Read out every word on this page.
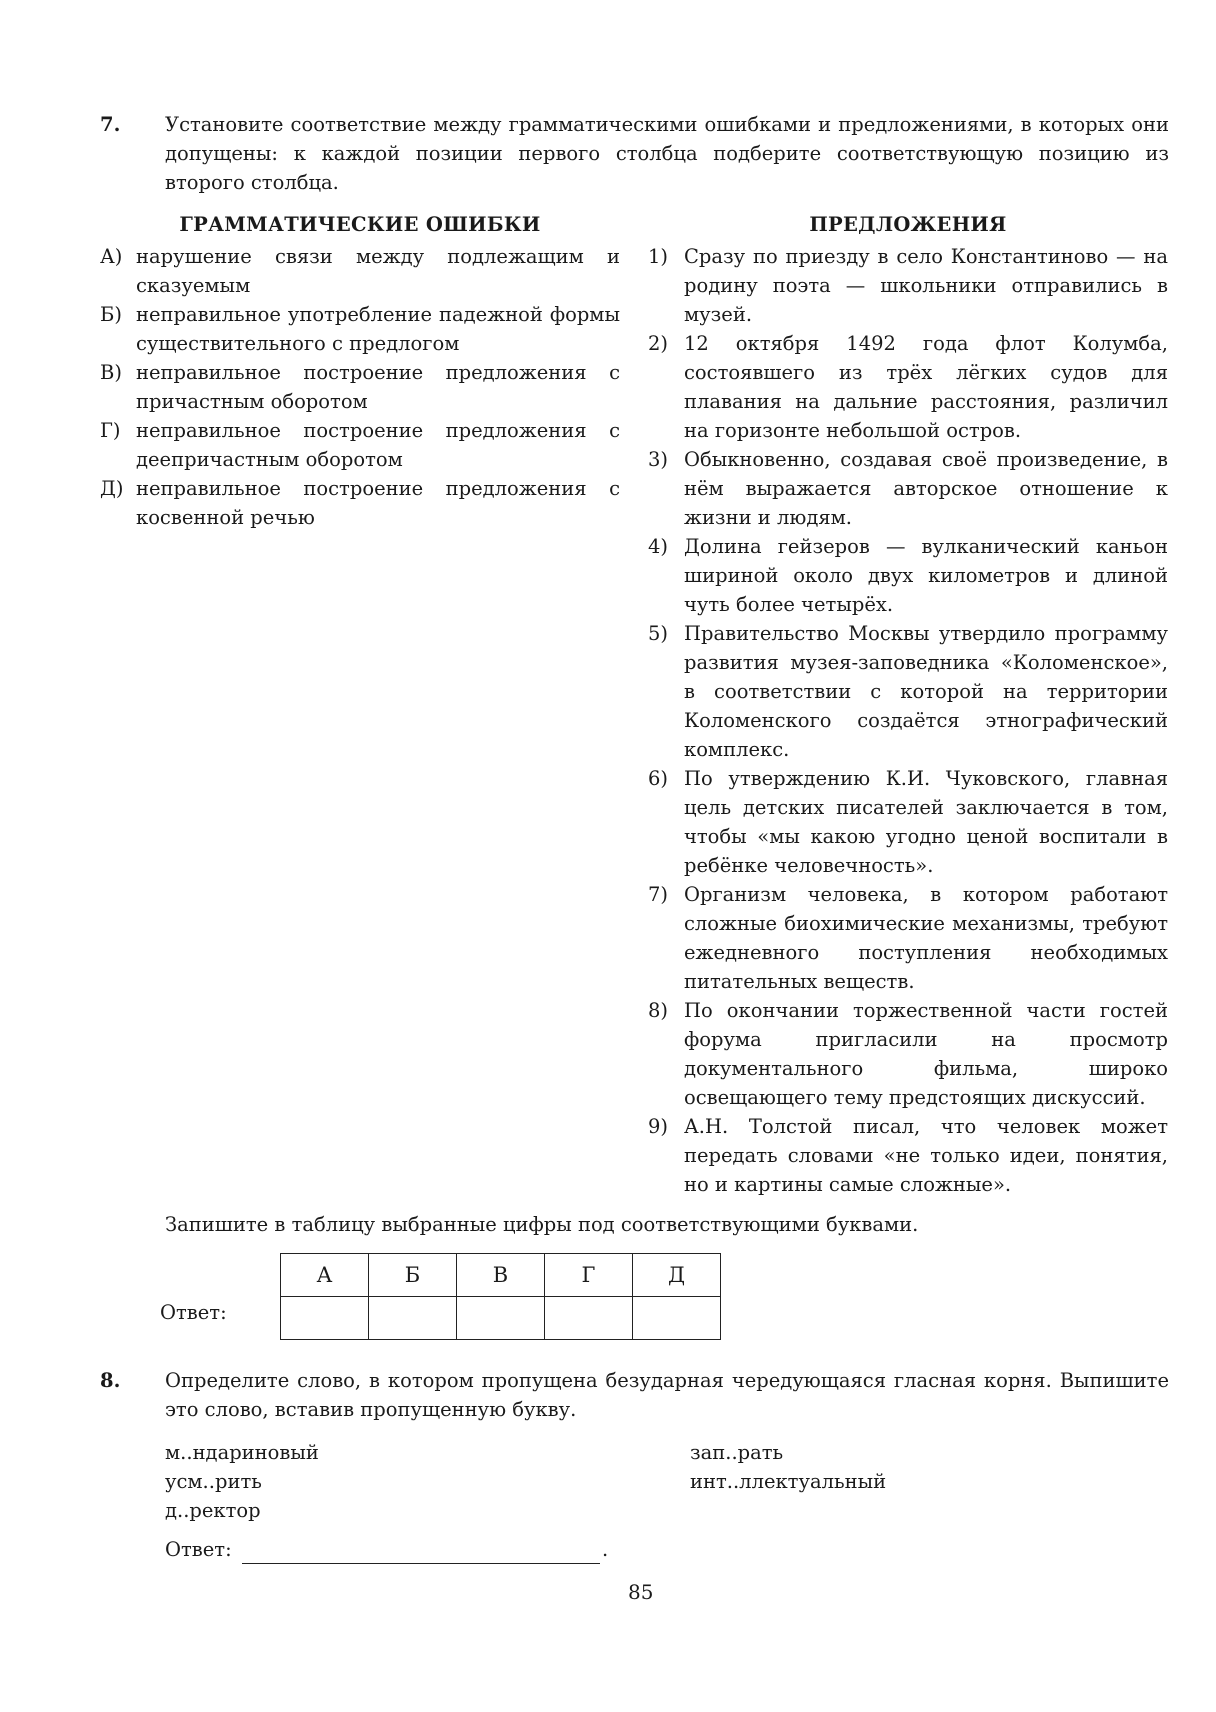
7. Установите соответствие между грамматическими ошибками и предложениями, в которых они допущены: к каждой позиции первого столбца подберите соответствующую позицию из второго столбца.
ГРАММАТИЧЕСКИЕ ОШИБКИ	ПРЕДЛОЖЕНИЯ
А) нарушение связи между подлежащим и сказуемым
Б) неправильное употребление падежной формы существительного с предлогом
В) неправильное построение предложения с причастным оборотом
Г) неправильное построение предложения с деепричастным оборотом
Д) неправильное построение предложения с косвенной речью
1) Сразу по приезду в село Константиново — на родину поэта — школьники отправились в музей.
2) 12 октября 1492 года флот Колумба, состоявшего из трёх лёгких судов для плавания на дальние расстояния, различил на горизонте небольшой остров.
3) Обыкновенно, создавая своё произведение, в нём выражается авторское отношение к жизни и людям.
4) Долина гейзеров — вулканический каньон шириной около двух километров и длиной чуть более четырёх.
5) Правительство Москвы утвердило программу развития музея-заповедника «Коломенское», в соответствии с которой на территории Коломенского создаётся этнографический комплекс.
6) По утверждению К.И. Чуковского, главная цель детских писателей заключается в том, чтобы «мы какою угодно ценой воспитали в ребёнке человечность».
7) Организм человека, в котором работают сложные биохимические механизмы, требуют ежедневного поступления необходимых питательных веществ.
8) По окончании торжественной части гостей форума пригласили на просмотр документального фильма, широко освещающего тему предстоящих дискуссий.
9) А.Н. Толстой писал, что человек может передать словами «не только идеи, понятия, но и картины самые сложные».
Запишите в таблицу выбранные цифры под соответствующими буквами.
Ответ:
А	Б	В	Г	Д

8. Определите слово, в котором пропущена безударная чередующаяся гласная корня. Выпишите это слово, вставив пропущенную букву.
м..ндариновый
усм..рить
д..ректор
зап..рать
инт..ллектуальный
Ответ:	.
85
